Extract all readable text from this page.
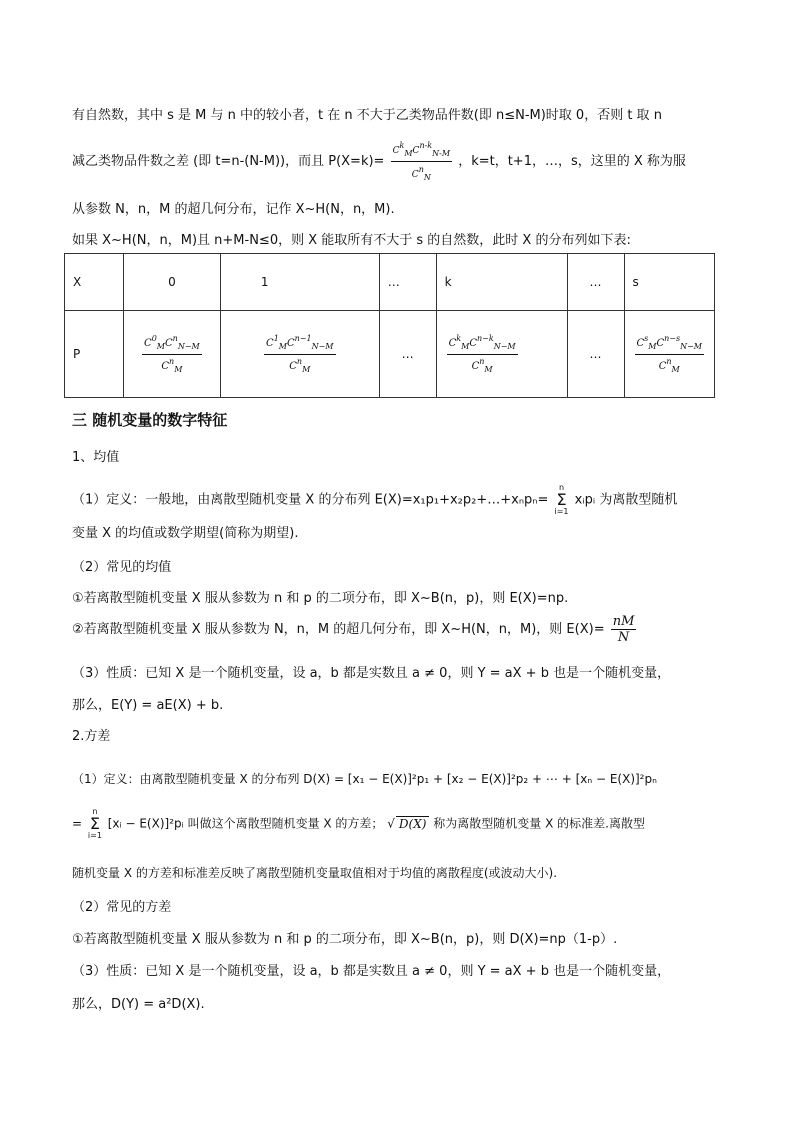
有自然数，其中 s 是 M 与 n 中的较小者，t 在 n 不大于乙类物品件数(即 n≤N-M)时取 0，否则 t 取 n
减乙类物品件数之差 (即 t=n-(N-M))，而且 $P(X=k)= \frac{\text{CkMCn-kN-M}}{\text{CnN}}$ ，k=t，t+1，…，s，这里的 X 称为服
从参数 N，n，M 的超几何分布，记作 X~H(N，n，M).
如果 X~H(N，n，M)且 n+M-N≤0，则 X 能取所有不大于 s 的自然数，此时 X 的分布列如下表:
X	0	1	…	k	…	s
P	$\frac{C^0_MC^n_{N-M}}{C^n_M}$	$\frac{C^1_MC^{n-1}_{N-M}}{C^n_M}$	…	$\frac{C^k_MC^{n-k}_{N-M}}{C^n_M}$	…	$\frac{C^s_MC^{n-s}_{N-M}}{C^n_M}$
三 随机变量的数字特征
1、均值
（1）定义：一般地，由离散型随机变量 X 的分布列 E(X)=x₁p₁+x₂p₂+…+xₙpₙ= n
Σ
i=1 xᵢpᵢ 为离散型随机
变量 X 的均值或数学期望(简称为期望).
（2）常见的均值
①若离散型随机变量 X 服从参数为 n 和 p 的二项分布，即 X~B(n，p)，则 E(X)=np.
②若离散型随机变量 X 服从参数为 N，n，M 的超几何分布，即 X~H(N，n，M)，则 $E(X)= \frac{nM}{N}$
（3）性质：已知 X 是一个随机变量，设 a，b 都是实数且 a ≠ 0，则 Y = aX + b 也是一个随机变量，
那么，E(Y) = aE(X) + b.
2.方差
（1）定义：由离散型随机变量 X 的分布列 D(X) = [x₁ − E(X)]²p₁ + [x₂ − E(X)]²p₂ + ⋯ + [xₙ − E(X)]²pₙ
= n
Σ
i=1 [xᵢ − E(X)]²pᵢ 叫做这个离散型随机变量 X 的方差； √ D(X) 称为离散型随机变量 X 的标准差.离散型
随机变量 X 的方差和标准差反映了离散型随机变量取值相对于均值的离散程度(或波动大小).
（2）常见的方差
①若离散型随机变量 X 服从参数为 n 和 p 的二项分布，即 X~B(n，p)，则 D(X)=np（1-p）.
（3）性质：已知 X 是一个随机变量，设 a，b 都是实数且 a ≠ 0，则 Y = aX + b 也是一个随机变量，
那么，D(Y) = a²D(X).
